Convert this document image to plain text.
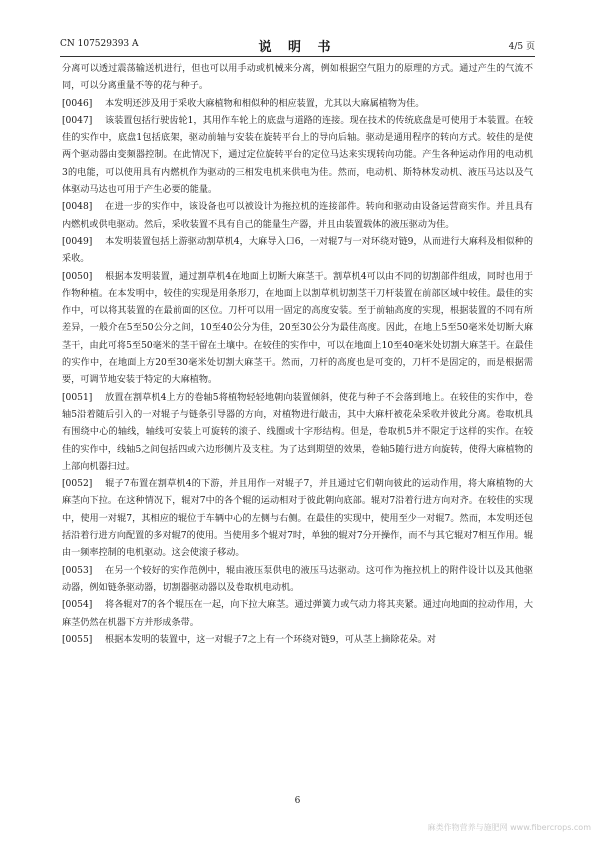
CN 107529393 A	说 明 书	4/5 页

分离可以透过震荡输送机进行，但也可以用手动或机械来分离，例如根据空气阻力的原理的方式。通过产生的气流不同，可以分离重量不等的花与种子。

[0046] 本发明还涉及用于采收大麻植物和相似种的相应装置，尤其以大麻属植物为佳。

[0047] 该装置包括行驶齿轮1，其用作车轮上的底盘与道路的连接。现在技术的传统底盘是可使用于本装置。在较佳的实作中，底盘1包括底架，驱动前轴与安装在旋转平台上的导向后轴。驱动是通用程序的转向方式。较佳的是使两个驱动器由变频器控制。在此情况下，通过定位旋转平台的定位马达来实现转向功能。产生各种运动作用的电动机3的电能，可以使用具有内燃机作为驱动的三相发电机来供电为佳。然而，电动机、斯特林发动机、液压马达以及气体驱动马达也可用于产生必要的能量。

[0048] 在进一步的实作中，该设备也可以被设计为拖拉机的连接部件。转向和驱动由设备运营商实作。并且具有内燃机或供电驱动。然后，采收装置不具有自己的能量生产器，并且由装置载体的液压驱动为佳。

[0049] 本发明装置包括上游驱动割草机4，大麻导入口6，一对辊7与一对环绕对链9，从而进行大麻科及相似种的采收。

[0050] 根据本发明装置，通过割草机4在地面上切断大麻茎干。割草机4可以由不同的切割部件组成，同时也用于作物种植。在本发明中，较佳的实现是用条形刀，在地面上以割草机切割茎干刀杆装置在前部区域中较佳。最佳的实作中，可以将其装置的在最前面的区位。刀杆可以用一固定的高度安装。至于前轴高度的实现，根据装置的不同有所差异，一般介在5至50公分之间，10至40公分为佳，20至30公分为最佳高度。因此，在地上5至50毫米处切断大麻茎干，由此可将5至50毫米的茎干留在土壤中。在较佳的实作中，可以在地面上10至40毫米处切割大麻茎干。在最佳的实作中，在地面上方20至30毫米处切割大麻茎干。然而，刀杆的高度也是可变的，刀杆不是固定的，而是根据需要，可调节地安装于特定的大麻植物。

[0051] 放置在割草机4上方的卷轴5将植物轻轻地朝向装置倾斜，使花与种子不会落到地上。在较佳的实作中，卷轴5沿着随后引入的一对辊子与链条引导器的方向，对植物进行敲击，其中大麻杆被花朵采收并彼此分离。卷取机具有围绕中心的轴线，轴线可安装上可旋转的滚子、线圈或十字形结构。但是，卷取机5并不限定于这样的实作。在较佳的实作中，线轴5之间包括四或六边形侧片及支柱。为了达到期望的效果，卷轴5随行进方向旋转，使得大麻植物的上部向机器扫过。

[0052] 辊子7布置在割草机4的下游，并且用作一对辊子7，并且通过它们朝向彼此的运动作用，将大麻植物的大麻茎向下拉。在这种情况下，辊对7中的各个辊的运动相对于彼此朝向底部。辊对7沿着行进方向对齐。在较佳的实现中，使用一对辊7，其相应的辊位于车辆中心的左侧与右侧。在最佳的实现中，使用至少一对辊7。然而，本发明还包括沿着行进方向配置的多对辊7的使用。当使用多个辊对7时，单独的辊对7分开操作，而不与其它辊对7相互作用。辊由一频率控制的电机驱动。这会使滚子移动。

[0053] 在另一个较好的实作范例中，辊由液压泵供电的液压马达驱动。这可作为拖拉机上的附件设计以及其他驱动器，例如链条驱动器，切割器驱动器以及卷取机电动机。

[0054] 将各辊对7的各个辊压在一起，向下拉大麻茎。通过弹簧力或气动力将其夹紧。通过向地面的拉动作用，大麻茎仍然在机器下方并形成条带。

[0055] 根据本发明的装置中，这一对辊子7之上有一个环绕对链9，可从茎上摘除花朵。对

6
麻类作物营养与施肥网 www.fibercrops.com
